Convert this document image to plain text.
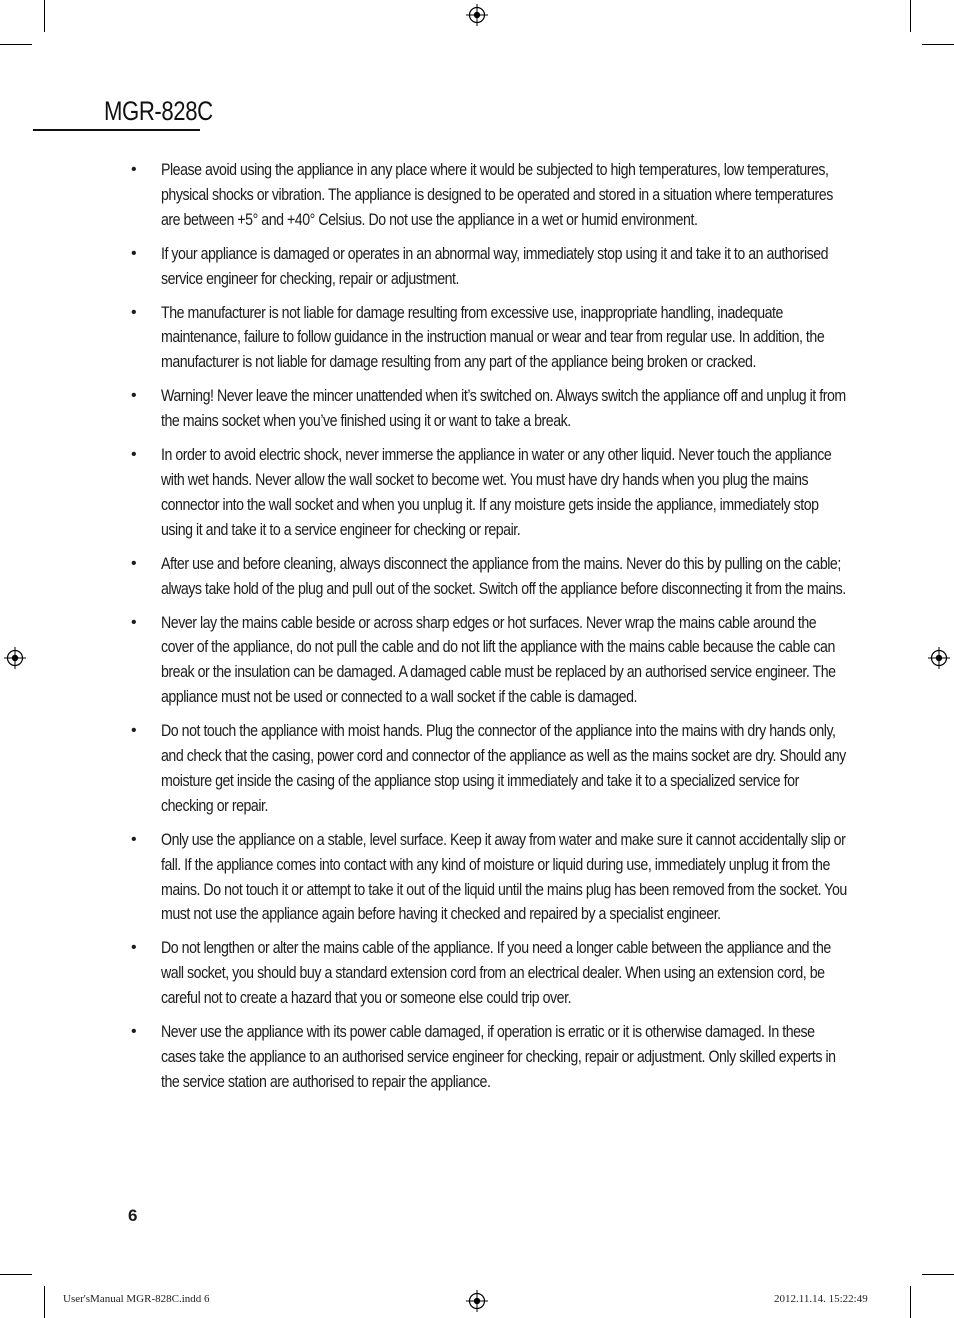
MGR-828C
• Please avoid using the appliance in any place where it would be subjected to high temperatures, low temperatures, physical shocks or vibration. The appliance is designed to be operated and stored in a situation where temperatures are between +5° and +40° Celsius. Do not use the appliance in a wet or humid environment.
• If your appliance is damaged or operates in an abnormal way, immediately stop using it and take it to an authorised service engineer for checking, repair or adjustment.
• The manufacturer is not liable for damage resulting from excessive use, inappropriate handling, inadequate maintenance, failure to follow guidance in the instruction manual or wear and tear from regular use. In addition, the manufacturer is not liable for damage resulting from any part of the appliance being broken or cracked.
• Warning! Never leave the mincer unattended when it’s switched on. Always switch the appliance off and unplug it from the mains socket when you’ve finished using it or want to take a break.
• In order to avoid electric shock, never immerse the appliance in water or any other liquid. Never touch the appliance with wet hands. Never allow the wall socket to become wet. You must have dry hands when you plug the mains connector into the wall socket and when you unplug it. If any moisture gets inside the appliance, immediately stop using it and take it to a service engineer for checking or repair.
• After use and before cleaning, always disconnect the appliance from the mains. Never do this by pulling on the cable; always take hold of the plug and pull out of the socket. Switch off the appliance before disconnecting it from the mains.
• Never lay the mains cable beside or across sharp edges or hot surfaces. Never wrap the mains cable around the cover of the appliance, do not pull the cable and do not lift the appliance with the mains cable because the cable can break or the insulation can be damaged. A damaged cable must be replaced by an authorised service engineer. The appliance must not be used or connected to a wall socket if the cable is damaged.
• Do not touch the appliance with moist hands. Plug the connector of the appliance into the mains with dry hands only, and check that the casing, power cord and connector of the appliance as well as the mains socket are dry. Should any moisture get inside the casing of the appliance stop using it immediately and take it to a specialized service for checking or repair.
• Only use the appliance on a stable, level surface. Keep it away from water and make sure it cannot accidentally slip or fall. If the appliance comes into contact with any kind of moisture or liquid during use, immediately unplug it from the mains. Do not touch it or attempt to take it out of the liquid until the mains plug has been removed from the socket. You must not use the appliance again before having it checked and repaired by a specialist engineer.
• Do not lengthen or alter the mains cable of the appliance. If you need a longer cable between the appliance and the wall socket, you should buy a standard extension cord from an electrical dealer. When using an extension cord, be careful not to create a hazard that you or someone else could trip over.
• Never use the appliance with its power cable damaged, if operation is erratic or it is otherwise damaged. In these cases take the appliance to an authorised service engineer for checking, repair or adjustment. Only skilled experts in the service station are authorised to repair the appliance.
6
User'sManual MGR-828C.indd 6	2012.11.14. 15:22:49
